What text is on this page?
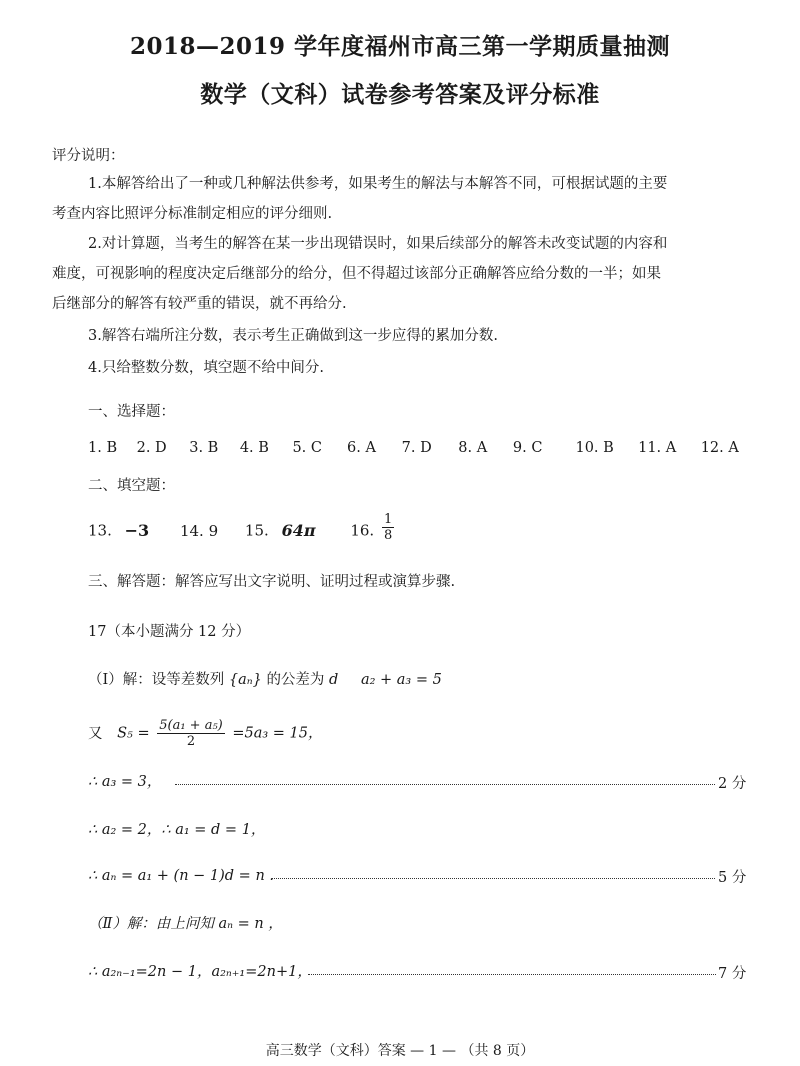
2018—2019 学年度福州市高三第一学期质量抽测
数学（文科）试卷参考答案及评分标准
评分说明：
1.本解答给出了一种或几种解法供参考，如果考生的解法与本解答不同，可根据试题的主要
考查内容比照评分标准制定相应的评分细则.
2.对计算题，当考生的解答在某一步出现错误时，如果后续部分的解答未改变试题的内容和
难度，可视影响的程度决定后继部分的给分，但不得超过该部分正确解答应给分数的一半；如果
后继部分的解答有较严重的错误，就不再给分.
3.解答右端所注分数，表示考生正确做到这一步应得的累加分数.
4.只给整数分数，填空题不给中间分.
一、选择题：
1. B 2. D 3. B 4. B 5. C 6. A 7. D 8. A 9. C 10. B 11. A 12. A
二、填空题：
13. −3 14. 9 15. 64π 16. $\frac{1}{8}$
三、解答题：解答应写出文字说明、证明过程或演算步骤.
17（本小题满分 12 分）
（Ⅰ）解：设等差数列 {aₙ} 的公差为 d a₂ + a₃ = 5
又 $S_5 = \frac{\text{5(a₁ + a₅)}}{2} =5a_3 = 15$，
∴ a₃ = 3，	2 分
∴ a₂ = 2，∴ a₁ = d = 1，
∴ aₙ = a₁ + (n − 1)d = n .	5 分
（Ⅱ）解：由上问知 aₙ = n ，
∴ a₂ₙ₋₁=2n − 1，a₂ₙ₊₁=2n+1，	7 分
高三数学（文科）答案 — 1 — （共 8 页）
